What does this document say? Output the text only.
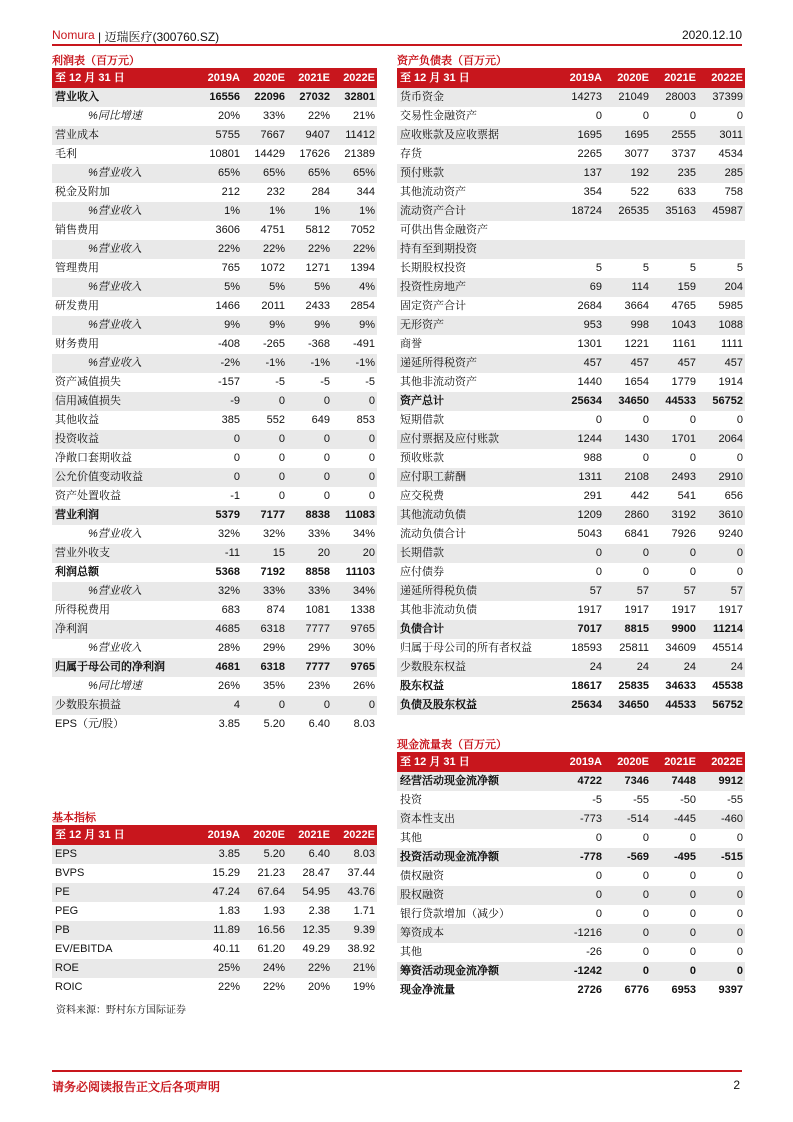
Nomura | 迈瑞医疗(300760.SZ)	2020.12.10
利润表（百万元）
至 12 月 31 日	2019A	2020E	2021E	2022E
营业收入	16556	22096	27032	32801
%同比增速	20%	33%	22%	21%
营业成本	5755	7667	9407	11412
毛利	10801	14429	17626	21389
%营业收入	65%	65%	65%	65%
税金及附加	212	232	284	344
%营业收入	1%	1%	1%	1%
销售费用	3606	4751	5812	7052
%营业收入	22%	22%	22%	22%
管理费用	765	1072	1271	1394
%营业收入	5%	5%	5%	4%
研发费用	1466	2011	2433	2854
%营业收入	9%	9%	9%	9%
财务费用	-408	-265	-368	-491
%营业收入	-2%	-1%	-1%	-1%
资产减值损失	-157	-5	-5	-5
信用减值损失	-9	0	0	0
其他收益	385	552	649	853
投资收益	0	0	0	0
净敞口套期收益	0	0	0	0
公允价值变动收益	0	0	0	0
资产处置收益	-1	0	0	0
营业利润	5379	7177	8838	11083
%营业收入	32%	32%	33%	34%
营业外收支	-11	15	20	20
利润总额	5368	7192	8858	11103
%营业收入	32%	33%	33%	34%
所得税费用	683	874	1081	1338
净利润	4685	6318	7777	9765
%营业收入	28%	29%	29%	30%
归属于母公司的净利润	4681	6318	7777	9765
%同比增速	26%	35%	23%	26%
少数股东损益	4	0	0	0
EPS（元/股）	3.85	5.20	6.40	8.03
资产负债表（百万元）
至 12 月 31 日	2019A	2020E	2021E	2022E
货币资金	14273	21049	28003	37399
交易性金融资产	0	0	0	0
应收账款及应收票据	1695	1695	2555	3011
存货	2265	3077	3737	4534
预付账款	137	192	235	285
其他流动资产	354	522	633	758
流动资产合计	18724	26535	35163	45987
可供出售金融资产				
持有至到期投资				
长期股权投资	5	5	5	5
投资性房地产	69	114	159	204
固定资产合计	2684	3664	4765	5985
无形资产	953	998	1043	1088
商誉	1301	1221	1161	1111
递延所得税资产	457	457	457	457
其他非流动资产	1440	1654	1779	1914
资产总计	25634	34650	44533	56752
短期借款	0	0	0	0
应付票据及应付账款	1244	1430	1701	2064
预收账款	988	0	0	0
应付职工薪酬	1311	2108	2493	2910
应交税费	291	442	541	656
其他流动负债	1209	2860	3192	3610
流动负债合计	5043	6841	7926	9240
长期借款	0	0	0	0
应付债券	0	0	0	0
递延所得税负债	57	57	57	57
其他非流动负债	1917	1917	1917	1917
负债合计	7017	8815	9900	11214
归属于母公司的所有者权益	18593	25811	34609	45514
少数股东权益	24	24	24	24
股东权益	18617	25835	34633	45538
负债及股东权益	25634	34650	44533	56752
现金流量表（百万元）
至 12 月 31 日	2019A	2020E	2021E	2022E
经营活动现金流净额	4722	7346	7448	9912
投资	-5	-55	-50	-55
资本性支出	-773	-514	-445	-460
其他	0	0	0	0
投资活动现金流净额	-778	-569	-495	-515
债权融资	0	0	0	0
股权融资	0	0	0	0
银行贷款增加（减少）	0	0	0	0
筹资成本	-1216	0	0	0
其他	-26	0	0	0
筹资活动现金流净额	-1242	0	0	0
现金净流量	2726	6776	6953	9397
基本指标
至 12 月 31 日	2019A	2020E	2021E	2022E
EPS	3.85	5.20	6.40	8.03
BVPS	15.29	21.23	28.47	37.44
PE	47.24	67.64	54.95	43.76
PEG	1.83	1.93	2.38	1.71
PB	11.89	16.56	12.35	9.39
EV/EBITDA	40.11	61.20	49.29	38.92
ROE	25%	24%	22%	21%
ROIC	22%	22%	20%	19%
资料来源：野村东方国际证券
请务必阅读报告正文后各项声明	2
